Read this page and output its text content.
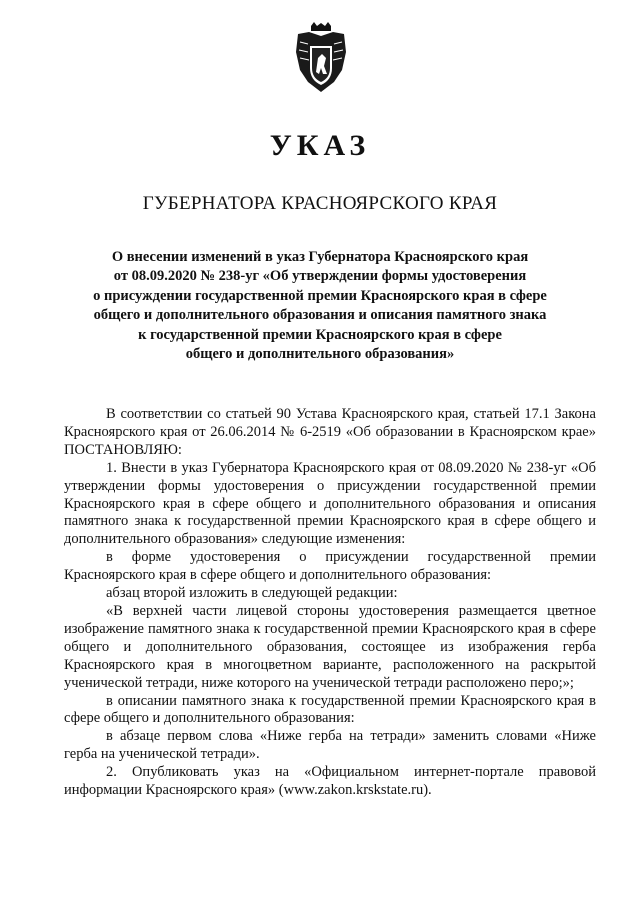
УКАЗ
ГУБЕРНАТОРА КРАСНОЯРСКОГО КРАЯ
О внесении изменений в указ Губернатора Красноярского края
от 08.09.2020 № 238-уг «Об утверждении формы удостоверения
о присуждении государственной премии Красноярского края в сфере
общего и дополнительного образования и описания памятного знака
к государственной премии Красноярского края в сфере
общего и дополнительного образования»

В соответствии со статьей 90 Устава Красноярского края, статьей 17.1 Закона Красноярского края от 26.06.2014 № 6-2519 «Об образовании в Красноярском крае» ПОСТАНОВЛЯЮ:

1. Внести в указ Губернатора Красноярского края от 08.09.2020 № 238-уг «Об утверждении формы удостоверения о присуждении государственной премии Красноярского края в сфере общего и дополнительного образования и описания памятного знака к государственной премии Красноярского края в сфере общего и дополнительного образования» следующие изменения:

в форме удостоверения о присуждении государственной премии Красноярского края в сфере общего и дополнительного образования:

абзац второй изложить в следующей редакции:

«В верхней части лицевой стороны удостоверения размещается цветное изображение памятного знака к государственной премии Красноярского края в сфере общего и дополнительного образования, состоящее из изображения герба Красноярского края в многоцветном варианте, расположенного на раскрытой ученической тетради, ниже которого на ученической тетради расположено перо;»;

в описании памятного знака к государственной премии Красноярского края в сфере общего и дополнительного образования:

в абзаце первом слова «Ниже герба на тетради» заменить словами «Ниже герба на ученической тетради».

2. Опубликовать указ на «Официальном интернет-портале правовой информации Красноярского края» (www.zakon.krskstate.ru).
